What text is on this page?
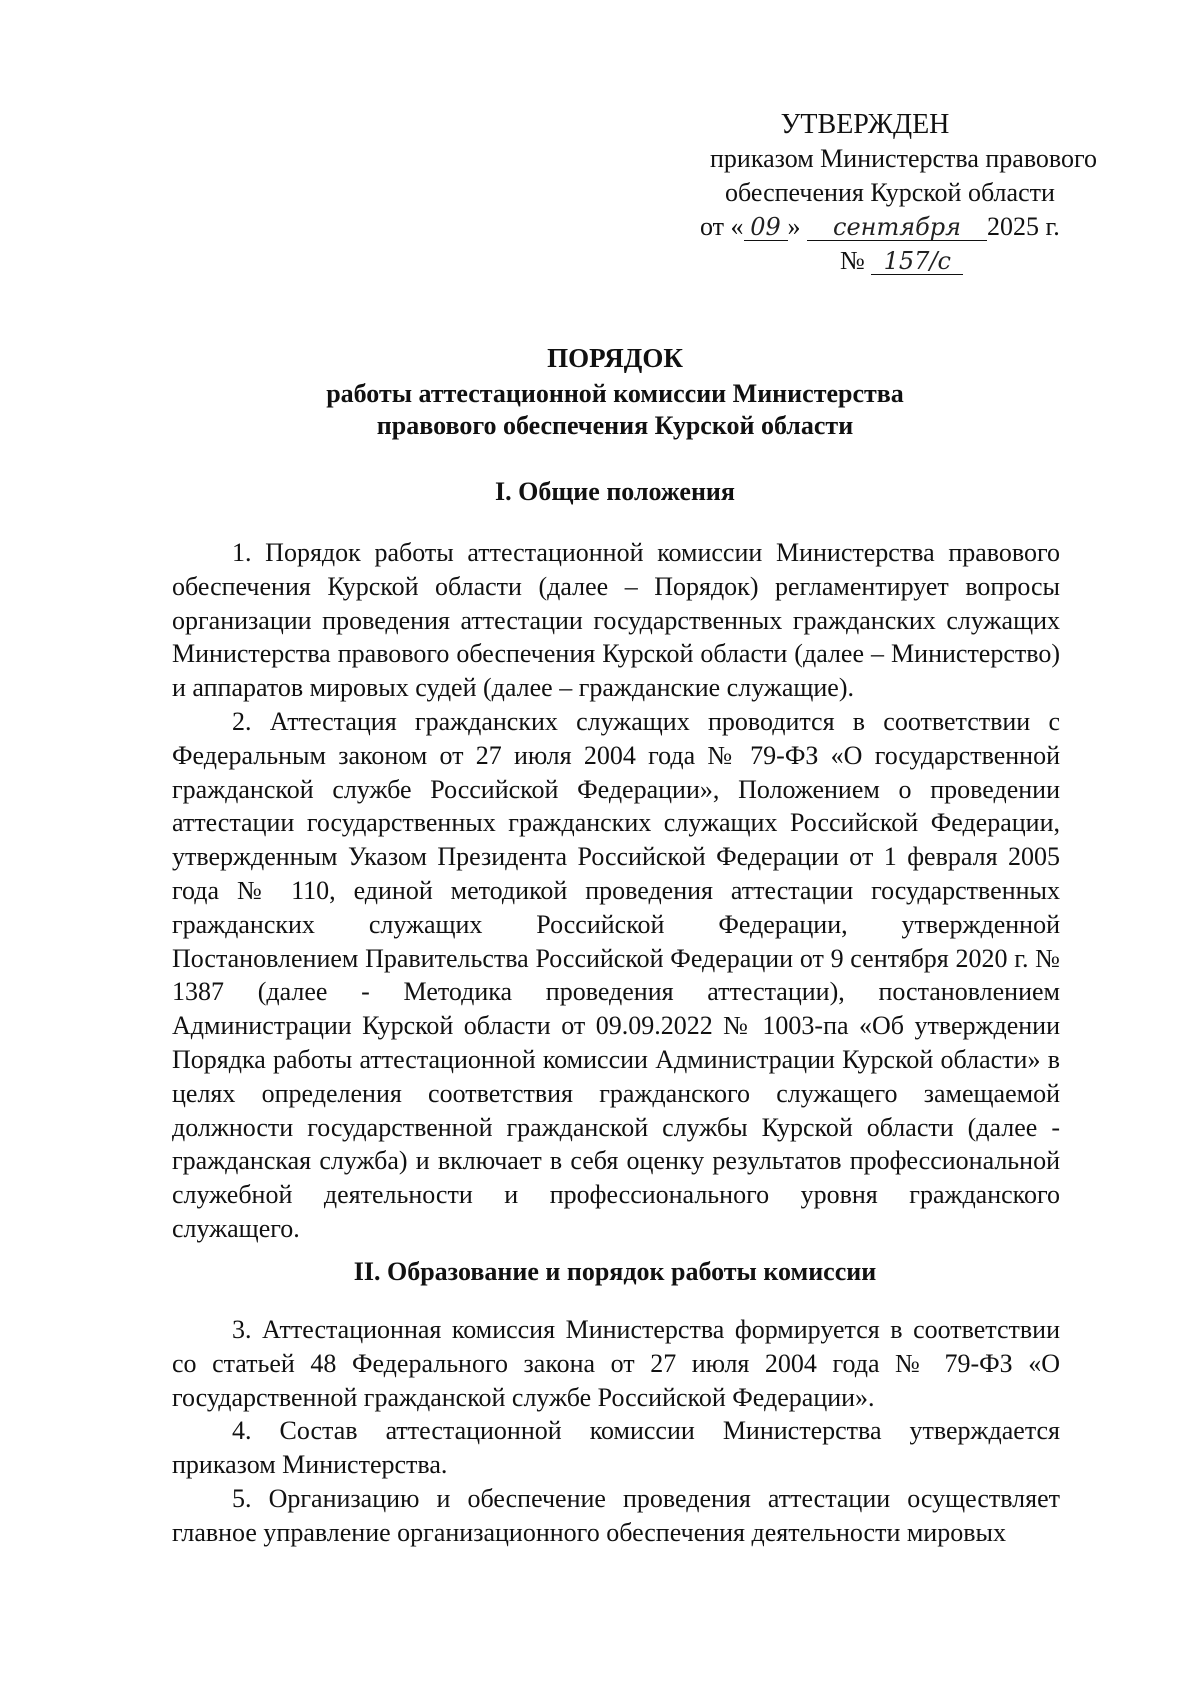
УТВЕРЖДЕН
приказом Министерства правового
обеспечения Курской области
от « 09 » сентября 2025 г.
№ 157/с
ПОРЯДОК
работы аттестационной комиссии Министерства
правового обеспечения Курской области
I. Общие положения

1. Порядок работы аттестационной комиссии Министерства правового обеспечения Курской области (далее – Порядок) регламентирует вопросы организации проведения аттестации государственных гражданских служащих Министерства правового обеспечения Курской области (далее – Министерство) и аппаратов мировых судей (далее – гражданские служащие).

2. Аттестация гражданских служащих проводится в соответствии с Федеральным законом от 27 июля 2004 года № 79-ФЗ «О государственной гражданской службе Российской Федерации», Положением о проведении аттестации государственных гражданских служащих Российской Федерации, утвержденным Указом Президента Российской Федерации от 1 февраля 2005 года № 110, единой методикой проведения аттестации государственных гражданских служащих Российской Федерации, утвержденной Постановлением Правительства Российской Федерации от 9 сентября 2020 г. № 1387 (далее - Методика проведения аттестации), постановлением Администрации Курской области от 09.09.2022 № 1003-па «Об утверждении Порядка работы аттестационной комиссии Администрации Курской области» в целях определения соответствия гражданского служащего замещаемой должности государственной гражданской службы Курской области (далее - гражданская служба) и включает в себя оценку результатов профессиональной служебной деятельности и профессионального уровня гражданского служащего.

II. Образование и порядок работы комиссии

3. Аттестационная комиссия Министерства формируется в соответствии со статьей 48 Федерального закона от 27 июля 2004 года № 79-ФЗ «О государственной гражданской службе Российской Федерации».

4. Состав аттестационной комиссии Министерства утверждается приказом Министерства.

5. Организацию и обеспечение проведения аттестации осуществляет главное управление организационного обеспечения деятельности мировых
